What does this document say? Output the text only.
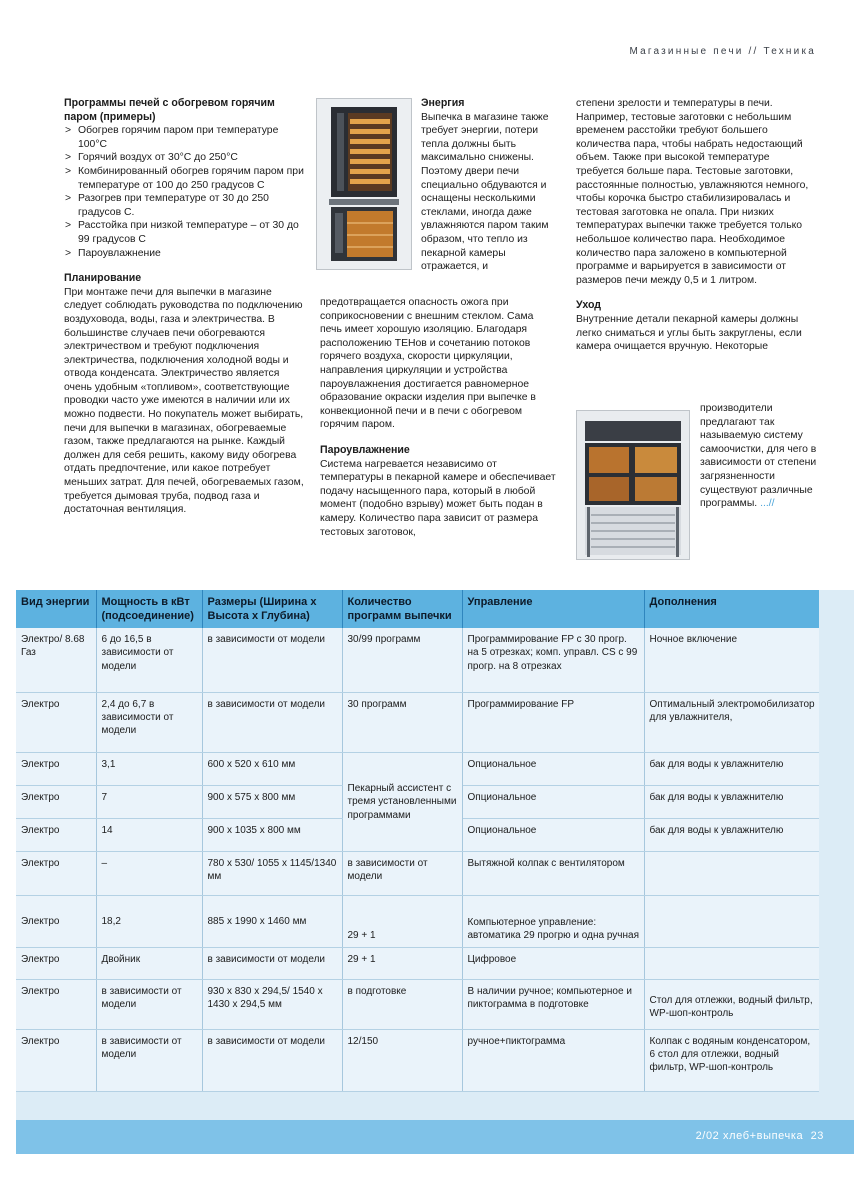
Магазинные печи // Техника
Программы печей с обогревом горячим паром (примеры)
> Обогрев горячим паром при температуре 100°С
> Горячий воздух от 30°С до 250°С
> Комбинированный обогрев горячим паром при температуре от 100 до 250 градусов С
> Разогрев при температуре от 30 до 250 градусов С.
> Расстойка при низкой температуре – от 30 до 99 градусов С
> Пароувлажнение
Планирование

При монтаже печи для выпечки в магазине следует соблюдать руководства по подключению воздуховода, воды, газа и электричества. В большинстве случаев печи обогреваются электричеством и требуют подключения электричества, подключения холодной воды и отвода конденсата. Электричество является очень удобным «топливом», соответствующие проводки часто уже имеются в наличии или их можно подвести. Но покупатель может выбирать, печи для выпечки в магазинах, обогреваемые газом, также предлагаются на рынке. Каждый должен для себя решить, какому виду обогрева отдать предпочтение, или какое потребует меньших затрат. Для печей, обогреваемых газом, требуется дымовая труба, подвод газа и достаточная вентиляция.

Энергия

Выпечка в магазине также требует энергии, потери тепла должны быть максимально снижены. Поэтому двери печи специально обдуваются и оснащены несколькими стеклами, иногда даже увлажняются паром таким образом, что тепло из пекарной камеры отражается, и

предотвращается опасность ожога при соприкосновении с внешним стеклом. Сама печь имеет хорошую изоляцию. Благодаря расположению ТЕНов и сочетанию потоков горячего воздуха, скорости циркуляции, направления циркуляции и устройства пароувлажнения достигается равномерное образование окраски изделия при выпечке в конвекционной печи и в печи с обогревом горячим паром.

Пароувлажнение

Система нагревается независимо от температуры в пекарной камере и обеспечивает подачу насыщенного пара, который в любой момент (подобно взрыву) может быть подан в камеру. Количество пара зависит от размера тестовых заготовок,

степени зрелости и температуры в печи. Например, тестовые заготовки с небольшим временем расстойки требуют большего количества пара, чтобы набрать недостающий объем. Также при высокой температуре требуется больше пара. Тестовые заготовки, расстоянные полностью, увлажняются немного, чтобы корочка быстро стабилизировалась и тестовая заготовка не опала. При низких температурах выпечки также требуется только небольшое количество пара. Необходимое количество пара заложено в компьютерной программе и варьируется в зависимости от размеров печи между 0,5 и 1 литром.

Уход

Внутренние детали пекарной камеры должны легко сниматься и углы быть закруглены, если камера очищается вручную. Некоторые

производители предлагают так называемую систему самоочистки, для чего в зависимости от степени загрязненности существуют различные программы. ...//

Вид энергии	Мощность в кВт (подсоединение)	Размеры (Ширина х Высота х Глубина)	Количество программ выпечки	Управление	Дополнения
Электро/ 8.68 Газ	6 до 16,5 в зависимости от модели	в зависимости от модели	30/99 программ	Программирование FP с 30 прогр. на 5 отрезках; комп. управл. CS с 99 прогр. на 8 отрезках	Ночное включение
Электро	2,4 до 6,7 в зависимости от модели	в зависимости от модели	30 программ	Программирование FP	Оптимальный электромобилизатор для увлажнителя,
Электро	3,1	600 x 520 x 610 мм	Пекарный ассистент с тремя установленными программами	Опциональное	бак для воды к увлажнителю
Электро	7	900 x 575 x 800 мм		Опциональное	бак для воды к увлажнителю
Электро	14	900 x 1035 x 800 мм		Опциональное	бак для воды к увлажнителю
Электро	–	780 x 530/ 1055 x 1145/1340 мм	в зависимости от модели	Вытяжной колпак с вентилятором	
Электро	18,2	885 x 1990 x 1460 мм	29 + 1	Компьютерное управление: автоматика 29 прогрю и одна ручная	
Электро	Двойник	в зависимости от модели	29 + 1	Цифровое	
Электро	в зависимости от модели	930 x 830 x 294,5/ 1540 x 1430 x 294,5 мм	в подготовке	В наличии ручное; компьютерное и пиктограмма в подготовке	Стол для отлежки, водный фильтр, WP-шоп-контроль
Электро	в зависимости от модели	в зависимости от модели	12/150	ручное+пиктограмма	Колпак с водяным конденсатором, 6 стол для отлежки, водный фильтр, WP-шоп-контроль
2/02 хлеб+выпечка 23
